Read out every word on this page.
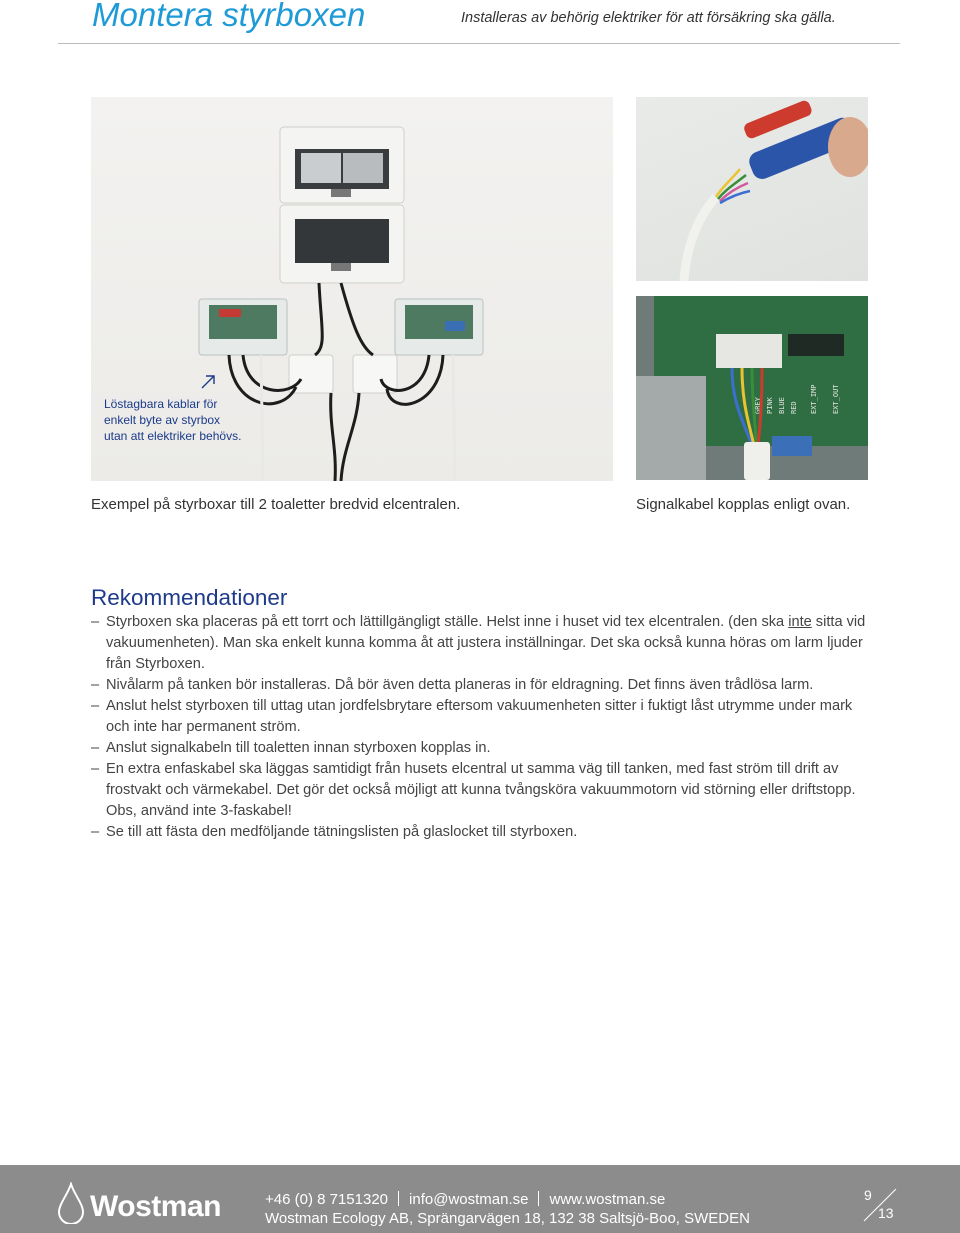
Montera styrboxen	Installeras av behörig elektriker för att försäkring ska gälla.
Löstagbara kablar för enkelt byte av styrbox utan att elektriker behövs.
GREY PINK BLUE RED EXT_IMP EXT_OUT
Exempel på styrboxar till 2 toaletter bredvid elcentralen.	Signalkabel kopplas enligt ovan.
Rekommendationer
– Styrboxen ska placeras på ett torrt och lättillgängligt ställe. Helst inne i huset vid tex elcentralen. (den ska inte sitta vid vakuumenheten). Man ska enkelt kunna komma åt att justera inställningar. Det ska också kunna höras om larm ljuder från Styrboxen.
– Nivålarm på tanken bör installeras. Då bör även detta planeras in för eldragning. Det finns även trådlösa larm.
– Anslut helst styrboxen till uttag utan jordfelsbrytare eftersom vakuumenheten sitter i fuktigt låst utrymme under mark och inte har permanent ström.
– Anslut signalkabeln till toaletten innan styrboxen kopplas in.
– En extra enfaskabel ska läggas samtidigt från husets elcentral ut samma väg till tanken, med fast ström till drift av frostvakt och värmekabel. Det gör det också möjligt att kunna tvångsköra vakuummotorn vid störning eller driftstopp. Obs, använd inte 3-faskabel!
– Se till att fästa den medföljande tätningslisten på glaslocket till styrboxen.
Wostman	+46 (0) 8 7151320 info@wostman.se www.wostman.se
Wostman Ecology AB, Sprängarvägen 18, 132 38 Saltsjö-Boo, SWEDEN
9
13
